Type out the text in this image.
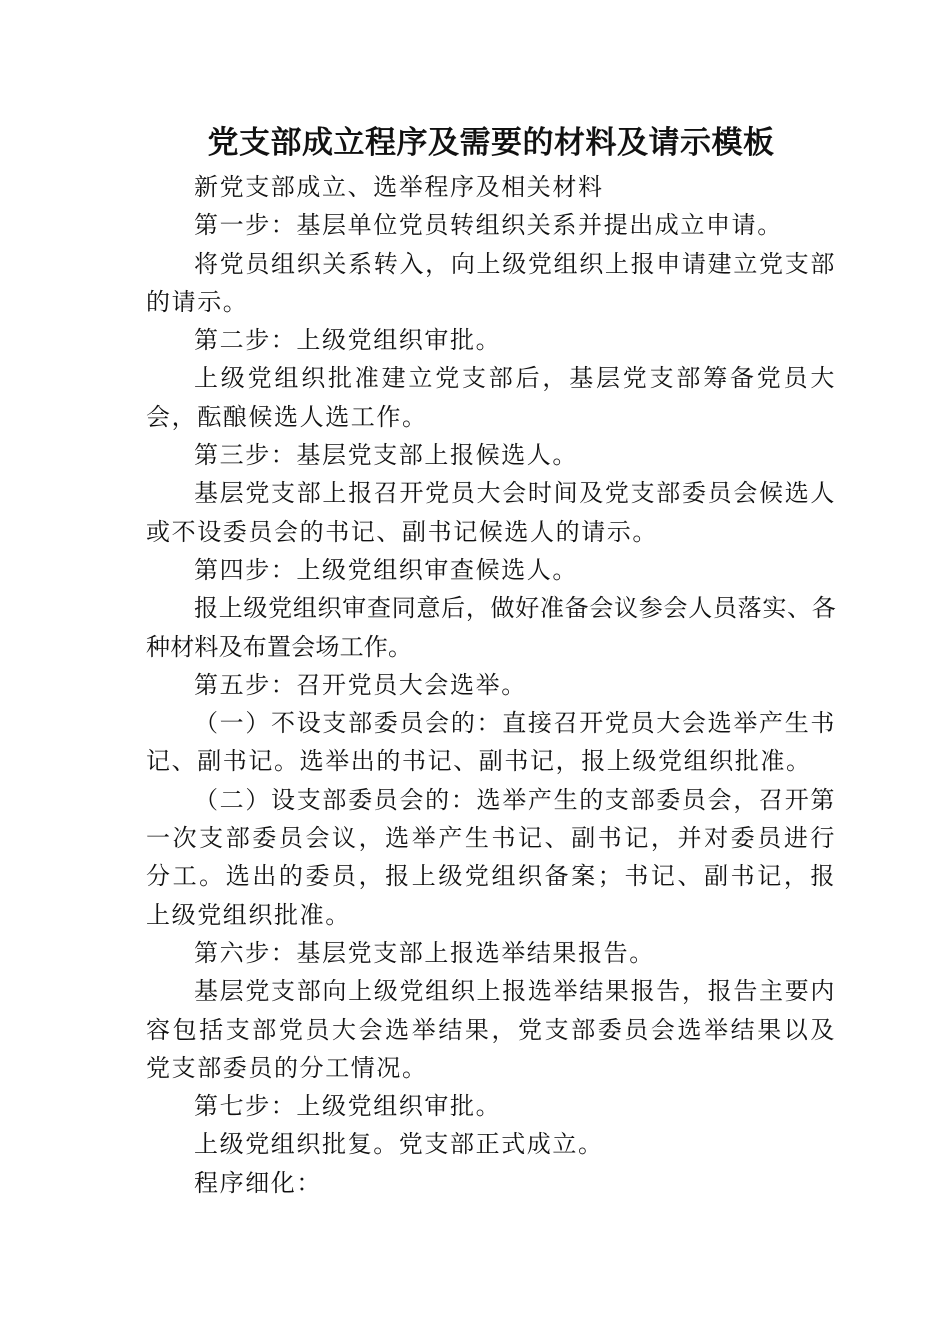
党支部成立程序及需要的材料及请示模板

新党支部成立、选举程序及相关材料

第一步：基层单位党员转组织关系并提出成立申请。

将党员组织关系转入，向上级党组织上报申请建立党支部的请示。

第二步：上级党组织审批。

上级党组织批准建立党支部后，基层党支部筹备党员大会，酝酿候选人选工作。

第三步：基层党支部上报候选人。

基层党支部上报召开党员大会时间及党支部委员会候选人或不设委员会的书记、副书记候选人的请示。

第四步：上级党组织审查候选人。

报上级党组织审查同意后，做好准备会议参会人员落实、各种材料及布置会场工作。

第五步：召开党员大会选举。

（一）不设支部委员会的：直接召开党员大会选举产生书记、副书记。选举出的书记、副书记，报上级党组织批准。

（二）设支部委员会的：选举产生的支部委员会，召开第一次支部委员会议，选举产生书记、副书记，并对委员进行分工。选出的委员，报上级党组织备案；书记、副书记，报上级党组织批准。

第六步：基层党支部上报选举结果报告。

基层党支部向上级党组织上报选举结果报告，报告主要内容包括支部党员大会选举结果，党支部委员会选举结果以及党支部委员的分工情况。

第七步：上级党组织审批。

上级党组织批复。党支部正式成立。

程序细化：
